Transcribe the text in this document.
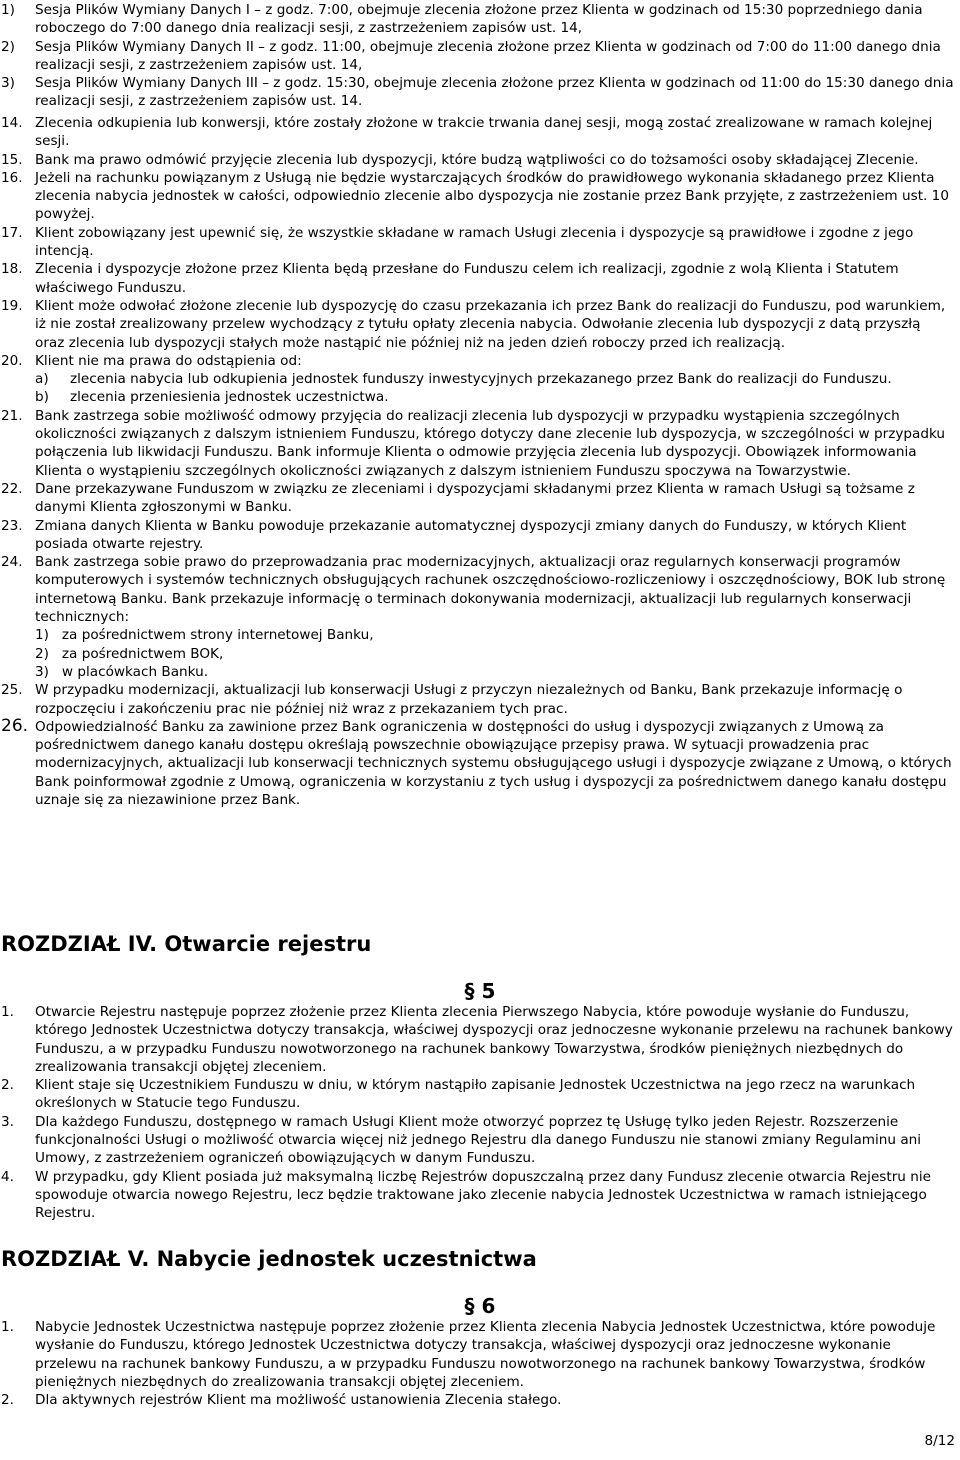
1) Sesja Plików Wymiany Danych I – z godz. 7:00, obejmuje zlecenia złożone przez Klienta w godzinach od 15:30 poprzedniego dania roboczego do 7:00 danego dnia realizacji sesji, z zastrzeżeniem zapisów ust. 14,
2) Sesja Plików Wymiany Danych II – z godz. 11:00, obejmuje zlecenia złożone przez Klienta w godzinach od 7:00 do 11:00 danego dnia realizacji sesji, z zastrzeżeniem zapisów ust. 14,
3) Sesja Plików Wymiany Danych III – z godz. 15:30, obejmuje zlecenia złożone przez Klienta w godzinach od 11:00 do 15:30 danego dnia realizacji sesji, z zastrzeżeniem zapisów ust. 14.
14. Zlecenia odkupienia lub konwersji, które zostały złożone w trakcie trwania danej sesji, mogą zostać zrealizowane w ramach kolejnej sesji.
15. Bank ma prawo odmówić przyjęcie zlecenia lub dyspozycji, które budzą wątpliwości co do tożsamości osoby składającej Zlecenie.
16. Jeżeli na rachunku powiązanym z Usługą nie będzie wystarczających środków do prawidłowego wykonania składanego przez Klienta zlecenia nabycia jednostek w całości, odpowiednio zlecenie albo dyspozycja nie zostanie przez Bank przyjęte, z zastrzeżeniem ust. 10 powyżej.
17. Klient zobowiązany jest upewnić się, że wszystkie składane w ramach Usługi zlecenia i dyspozycje są prawidłowe i zgodne z jego intencją.
18. Zlecenia i dyspozycje złożone przez Klienta będą przesłane do Funduszu celem ich realizacji, zgodnie z wolą Klienta i Statutem właściwego Funduszu.
19. Klient może odwołać złożone zlecenie lub dyspozycję do czasu przekazania ich przez Bank do realizacji do Funduszu, pod warunkiem, iż nie został zrealizowany przelew wychodzący z tytułu opłaty zlecenia nabycia. Odwołanie zlecenia lub dyspozycji z datą przyszłą oraz zlecenia lub dyspozycji stałych może nastąpić nie później niż na jeden dzień roboczy przed ich realizacją.
20. Klient nie ma prawa do odstąpienia od:
a) zlecenia nabycia lub odkupienia jednostek funduszy inwestycyjnych przekazanego przez Bank do realizacji do Funduszu.
b) zlecenia przeniesienia jednostek uczestnictwa.
21. Bank zastrzega sobie możliwość odmowy przyjęcia do realizacji zlecenia lub dyspozycji w przypadku wystąpienia szczególnych okoliczności związanych z dalszym istnieniem Funduszu, którego dotyczy dane zlecenie lub dyspozycja, w szczególności w przypadku połączenia lub likwidacji Funduszu. Bank informuje Klienta o odmowie przyjęcia zlecenia lub dyspozycji. Obowiązek informowania Klienta o wystąpieniu szczególnych okoliczności związanych z dalszym istnieniem Funduszu spoczywa na Towarzystwie.
22. Dane przekazywane Funduszom w związku ze zleceniami i dyspozycjami składanymi przez Klienta w ramach Usługi są tożsame z danymi Klienta zgłoszonymi w Banku.
23. Zmiana danych Klienta w Banku powoduje przekazanie automatycznej dyspozycji zmiany danych do Funduszy, w których Klient posiada otwarte rejestry.
24. Bank zastrzega sobie prawo do przeprowadzania prac modernizacyjnych, aktualizacji oraz regularnych konserwacji programów komputerowych i systemów technicznych obsługujących rachunek oszczędnościowo-rozliczeniowy i oszczędnościowy, BOK lub stronę internetową Banku. Bank przekazuje informację o terminach dokonywania modernizacji, aktualizacji lub regularnych konserwacji technicznych:
1) za pośrednictwem strony internetowej Banku,
2) za pośrednictwem BOK,
3) w placówkach Banku.
25. W przypadku modernizacji, aktualizacji lub konserwacji Usługi z przyczyn niezależnych od Banku, Bank przekazuje informację o rozpoczęciu i zakończeniu prac nie później niż wraz z przekazaniem tych prac.
26. Odpowiedzialność Banku za zawinione przez Bank ograniczenia w dostępności do usług i dyspozycji związanych z Umową za pośrednictwem danego kanału dostępu określają powszechnie obowiązujące przepisy prawa. W sytuacji prowadzenia prac modernizacyjnych, aktualizacji lub konserwacji technicznych systemu obsługującego usługi i dyspozycje związane z Umową, o których Bank poinformował zgodnie z Umową, ograniczenia w korzystaniu z tych usług i dyspozycji za pośrednictwem danego kanału dostępu uznaje się za niezawinione przez Bank.
ROZDZIAŁ IV. Otwarcie rejestru
§ 5
1. Otwarcie Rejestru następuje poprzez złożenie przez Klienta zlecenia Pierwszego Nabycia, które powoduje wysłanie do Funduszu, którego Jednostek Uczestnictwa dotyczy transakcja, właściwej dyspozycji oraz jednoczesne wykonanie przelewu na rachunek bankowy Funduszu, a w przypadku Funduszu nowotworzonego na rachunek bankowy Towarzystwa, środków pieniężnych niezbędnych do zrealizowania transakcji objętej zleceniem.
2. Klient staje się Uczestnikiem Funduszu w dniu, w którym nastąpiło zapisanie Jednostek Uczestnictwa na jego rzecz na warunkach określonych w Statucie tego Funduszu.
3. Dla każdego Funduszu, dostępnego w ramach Usługi Klient może otworzyć poprzez tę Usługę tylko jeden Rejestr. Rozszerzenie funkcjonalności Usługi o możliwość otwarcia więcej niż jednego Rejestru dla danego Funduszu nie stanowi zmiany Regulaminu ani Umowy, z zastrzeżeniem ograniczeń obowiązujących w danym Funduszu.
4. W przypadku, gdy Klient posiada już maksymalną liczbę Rejestrów dopuszczalną przez dany Fundusz zlecenie otwarcia Rejestru nie spowoduje otwarcia nowego Rejestru, lecz będzie traktowane jako zlecenie nabycia Jednostek Uczestnictwa w ramach istniejącego Rejestru.
ROZDZIAŁ V. Nabycie jednostek uczestnictwa
§ 6
1. Nabycie Jednostek Uczestnictwa następuje poprzez złożenie przez Klienta zlecenia Nabycia Jednostek Uczestnictwa, które powoduje wysłanie do Funduszu, którego Jednostek Uczestnictwa dotyczy transakcja, właściwej dyspozycji oraz jednoczesne wykonanie przelewu na rachunek bankowy Funduszu, a w przypadku Funduszu nowotworzonego na rachunek bankowy Towarzystwa, środków pieniężnych niezbędnych do zrealizowania transakcji objętej zleceniem.
2. Dla aktywnych rejestrów Klient ma możliwość ustanowienia Zlecenia stałego.
8/12
